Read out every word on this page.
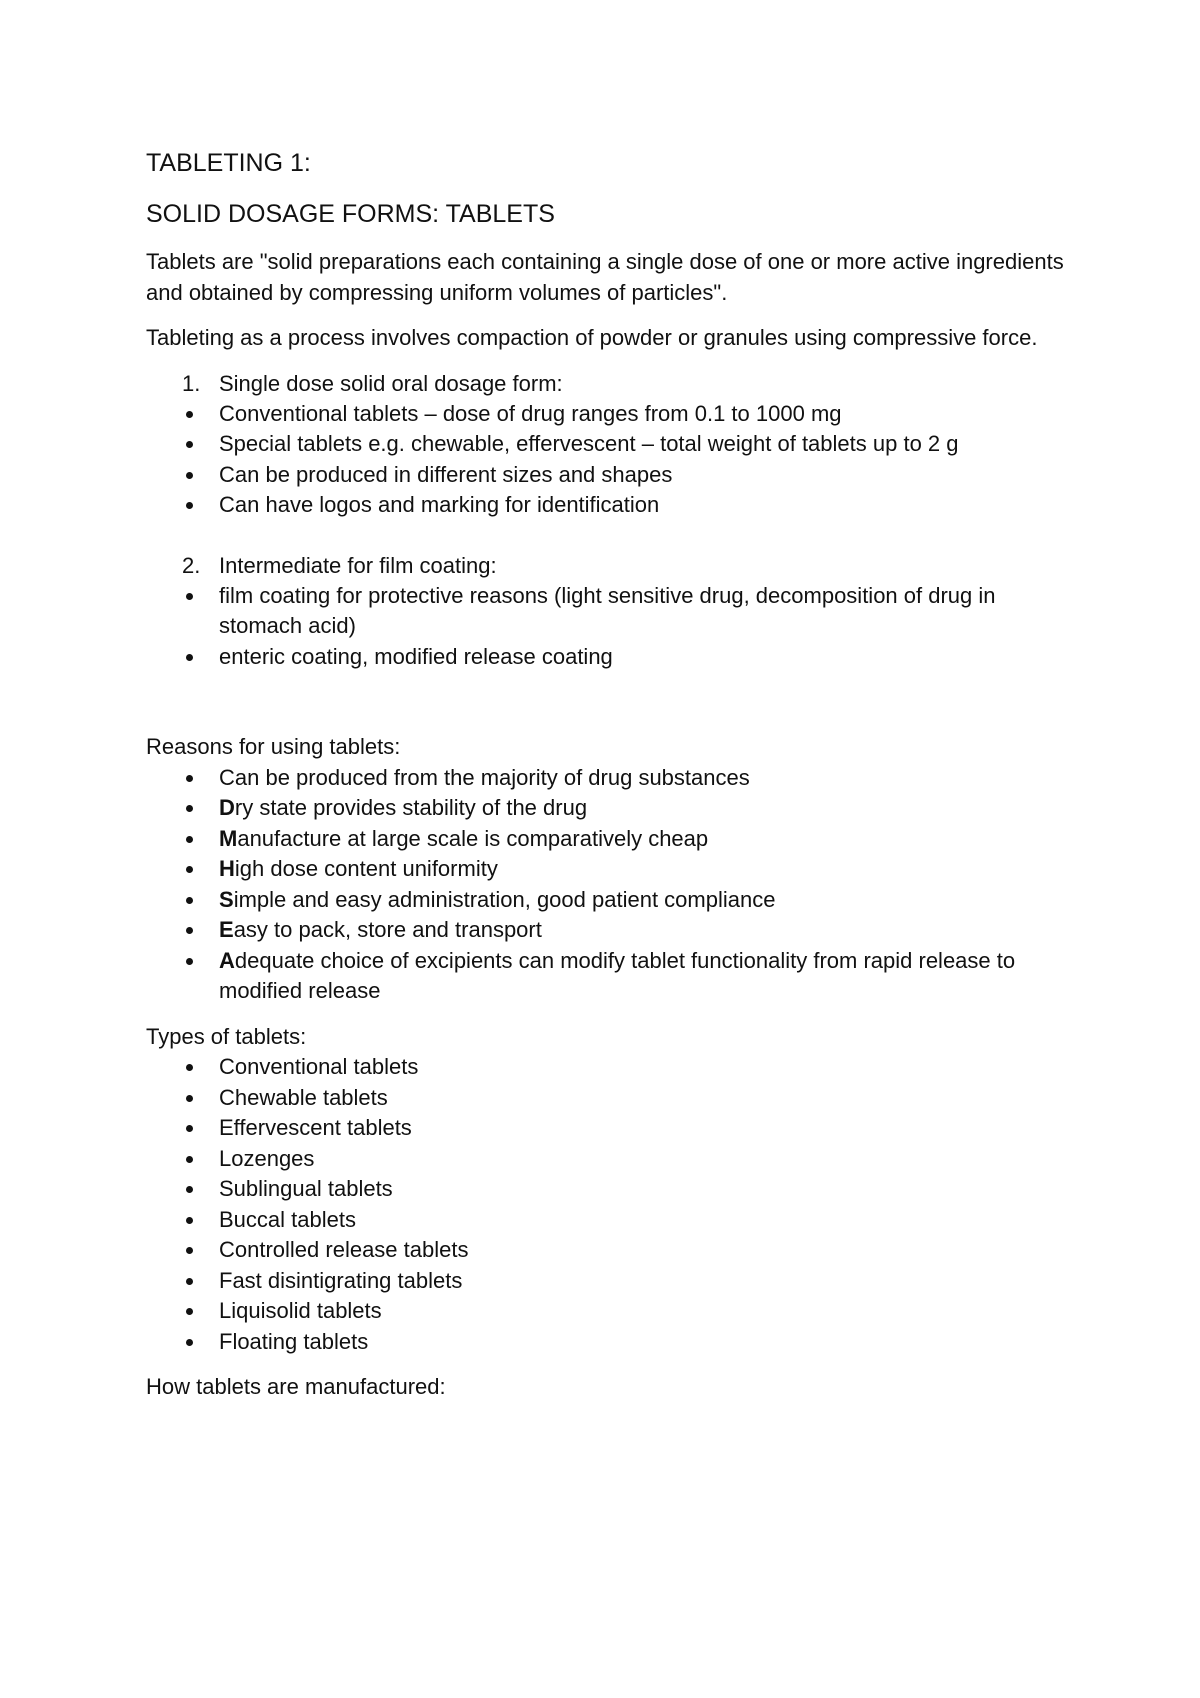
TABLETING 1:
SOLID DOSAGE FORMS: TABLETS

Tablets are "solid preparations each containing a single dose of one or more active ingredients and obtained by compressing uniform volumes of particles".

Tableting as a process involves compaction of powder or granules using compressive force.

1. Single dose solid oral dosage form:
Conventional tablets – dose of drug ranges from 0.1 to 1000 mg
Special tablets e.g. chewable, effervescent – total weight of tablets up to 2 g
Can be produced in different sizes and shapes
Can have logos and marking for identification
2. Intermediate for film coating:
film coating for protective reasons (light sensitive drug, decomposition of drug in stomach acid)
enteric coating, modified release coating

Reasons for using tablets:

Can be produced from the majority of drug substances
Dry state provides stability of the drug
Manufacture at large scale is comparatively cheap
High dose content uniformity
Simple and easy administration, good patient compliance
Easy to pack, store and transport
Adequate choice of excipients can modify tablet functionality from rapid release to modified release

Types of tablets:

Conventional tablets
Chewable tablets
Effervescent tablets
Lozenges
Sublingual tablets
Buccal tablets
Controlled release tablets
Fast disintigrating tablets
Liquisolid tablets
Floating tablets

How tablets are manufactured:
